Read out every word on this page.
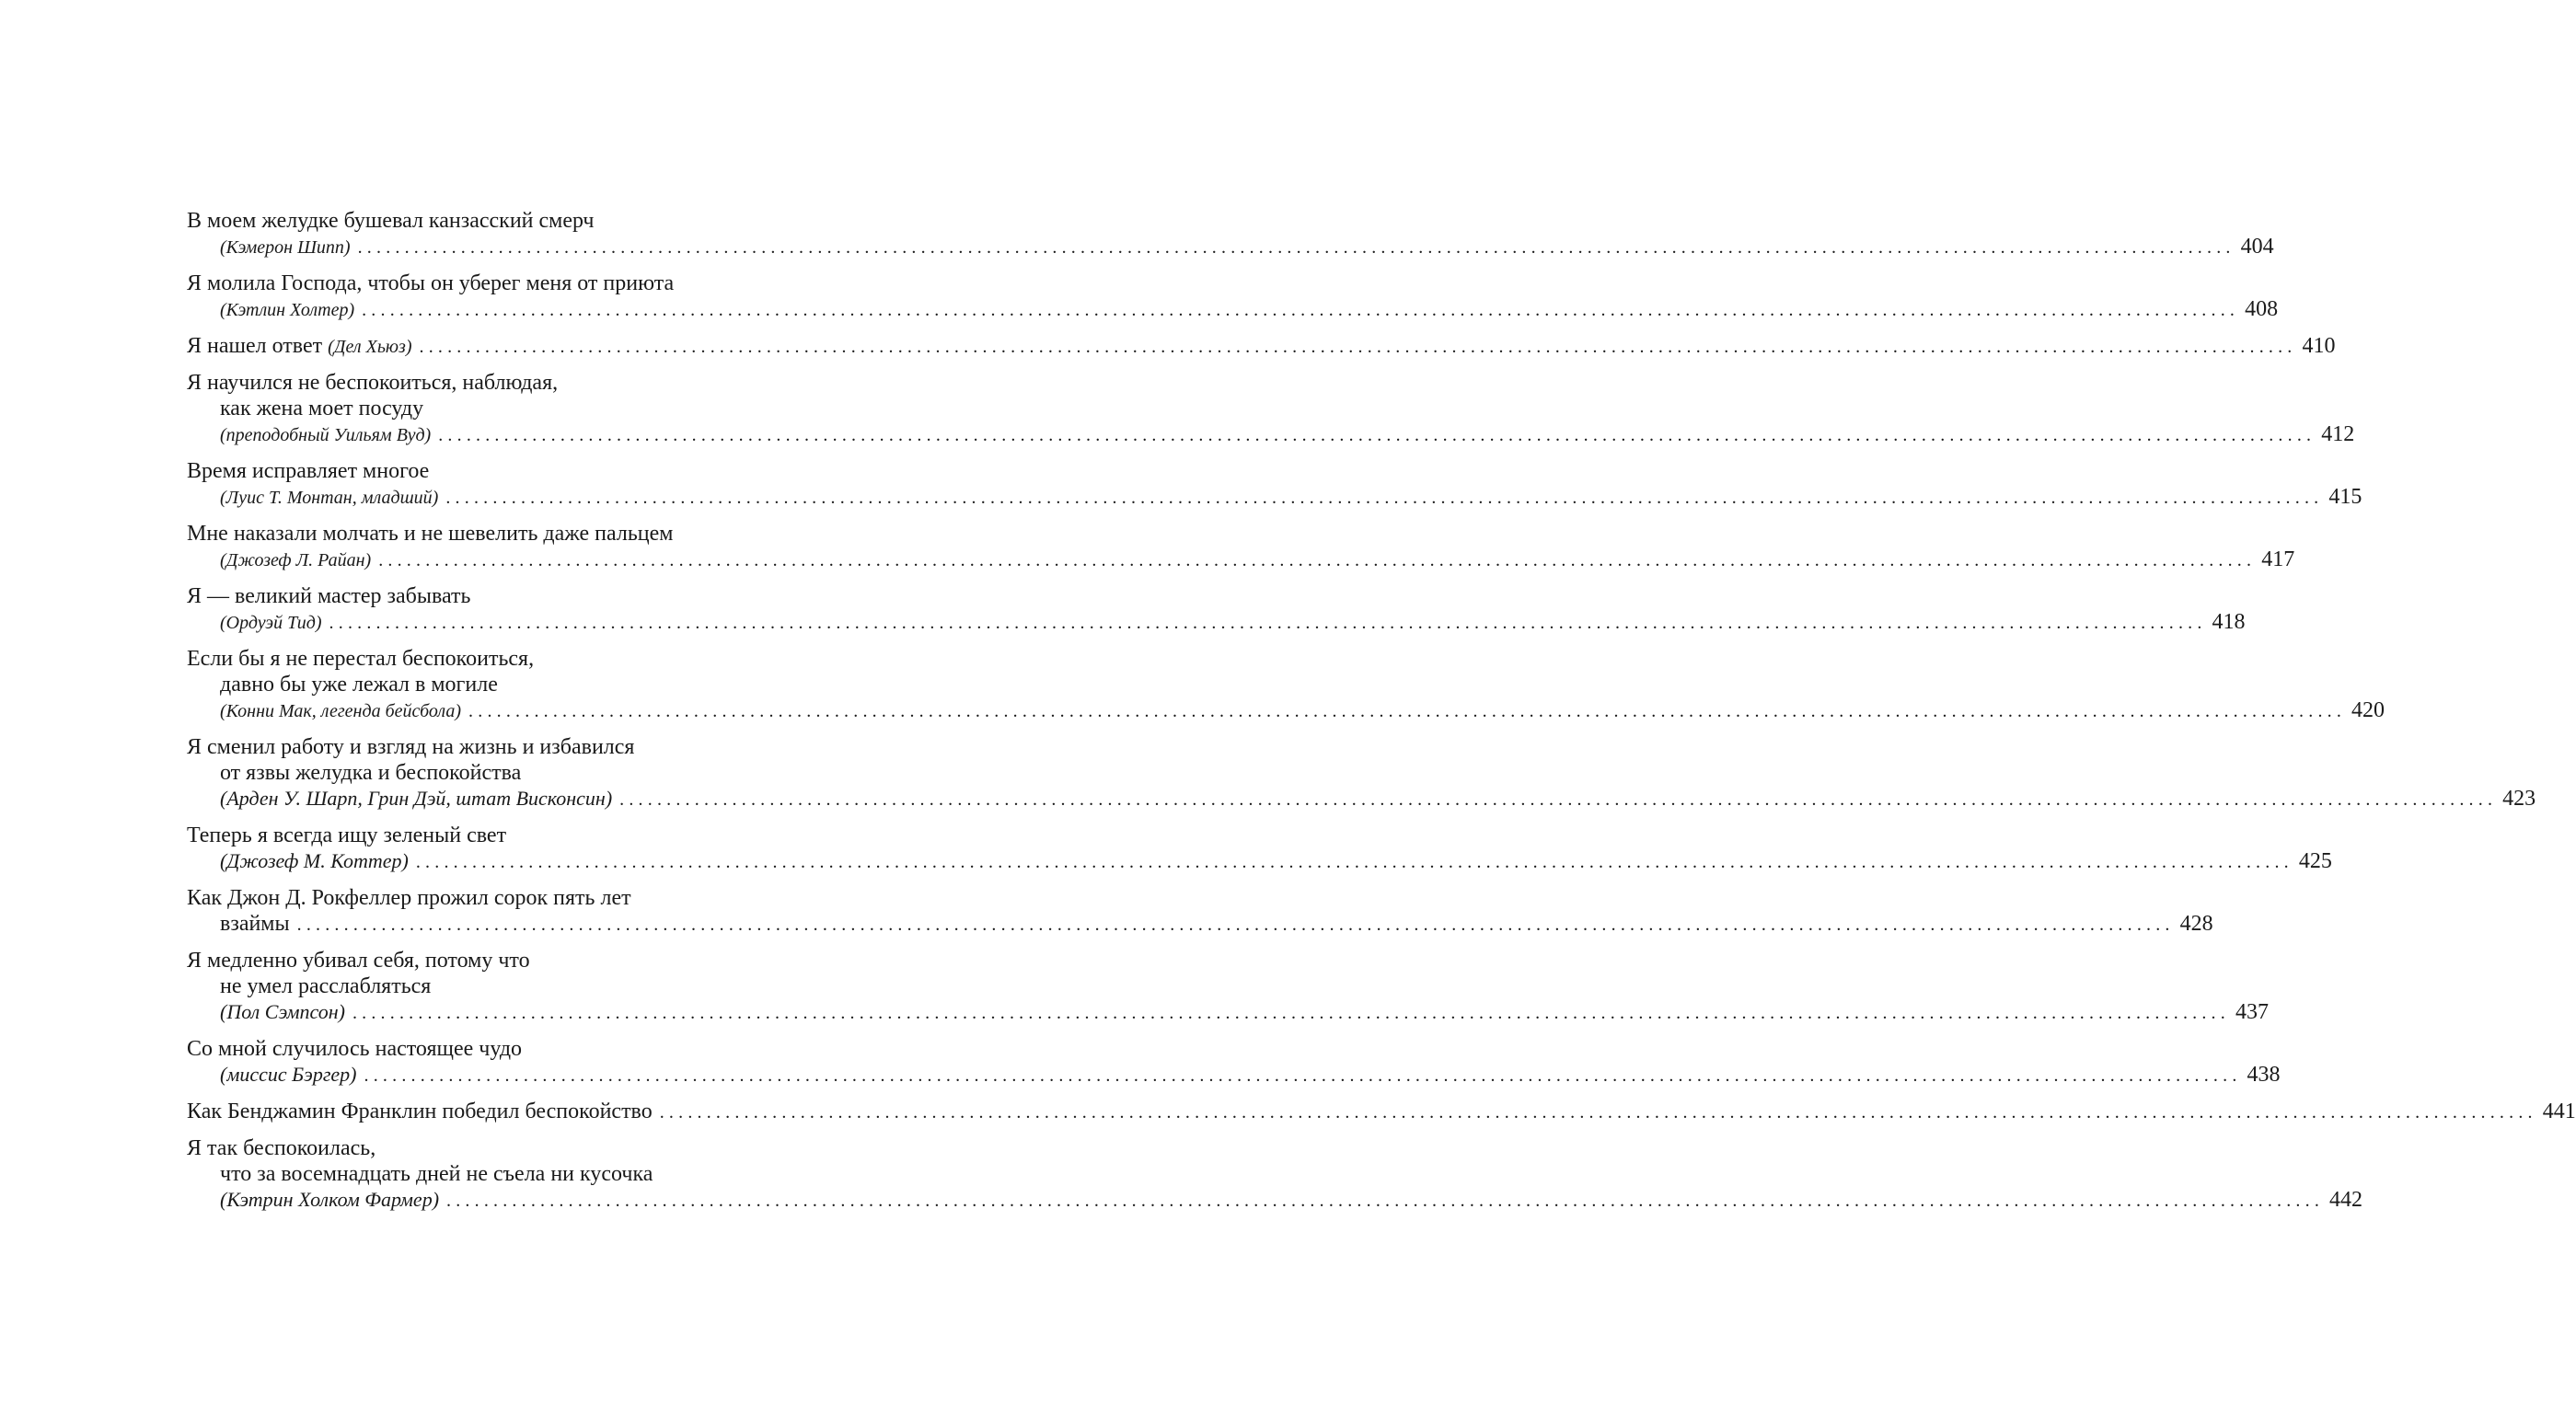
В моем желудке бушевал канзасский смерч
(Кэмерон Шипп) ........................................................................................................................................................................................................ 404
Я молила Господа, чтобы он уберег меня от приюта
(Кэтлин Холтер) ........................................................................................................................................................................................................ 408
Я нашел ответ (Дел Хьюз) ........................................................................................................................................................................................................ 410
Я научился не беспокоиться, наблюдая,
как жена моет посуду
(преподобный Уильям Вуд) ........................................................................................................................................................................................................ 412
Время исправляет многое
(Луис Т. Монтан, младший) ........................................................................................................................................................................................................ 415
Мне наказали молчать и не шевелить даже пальцем
(Джозеф Л. Райан) ........................................................................................................................................................................................................ 417
Я — великий мастер забывать
(Ордуэй Тид) ........................................................................................................................................................................................................ 418
Если бы я не перестал беспокоиться,
давно бы уже лежал в могиле
(Конни Мак, легенда бейсбола) ........................................................................................................................................................................................................ 420
Я сменил работу и взгляд на жизнь и избавился
от язвы желудка и беспокойства
(Арден У. Шарп, Грин Дэй, штат Висконсин) ........................................................................................................................................................................................................ 423
Теперь я всегда ищу зеленый свет
(Джозеф М. Коттер) ........................................................................................................................................................................................................ 425
Как Джон Д. Рокфеллер прожил сорок пять лет
взаймы ........................................................................................................................................................................................................ 428
Я медленно убивал себя, потому что
не умел расслабляться
(Пол Сэмпсон) ........................................................................................................................................................................................................ 437
Со мной случилось настоящее чудо
(миссис Бэргер) ........................................................................................................................................................................................................ 438
Как Бенджамин Франклин победил беспокойство ........................................................................................................................................................................................................ 441
Я так беспокоилась,
что за восемнадцать дней не съела ни кусочка
(Кэтрин Холком Фармер) ........................................................................................................................................................................................................ 442
